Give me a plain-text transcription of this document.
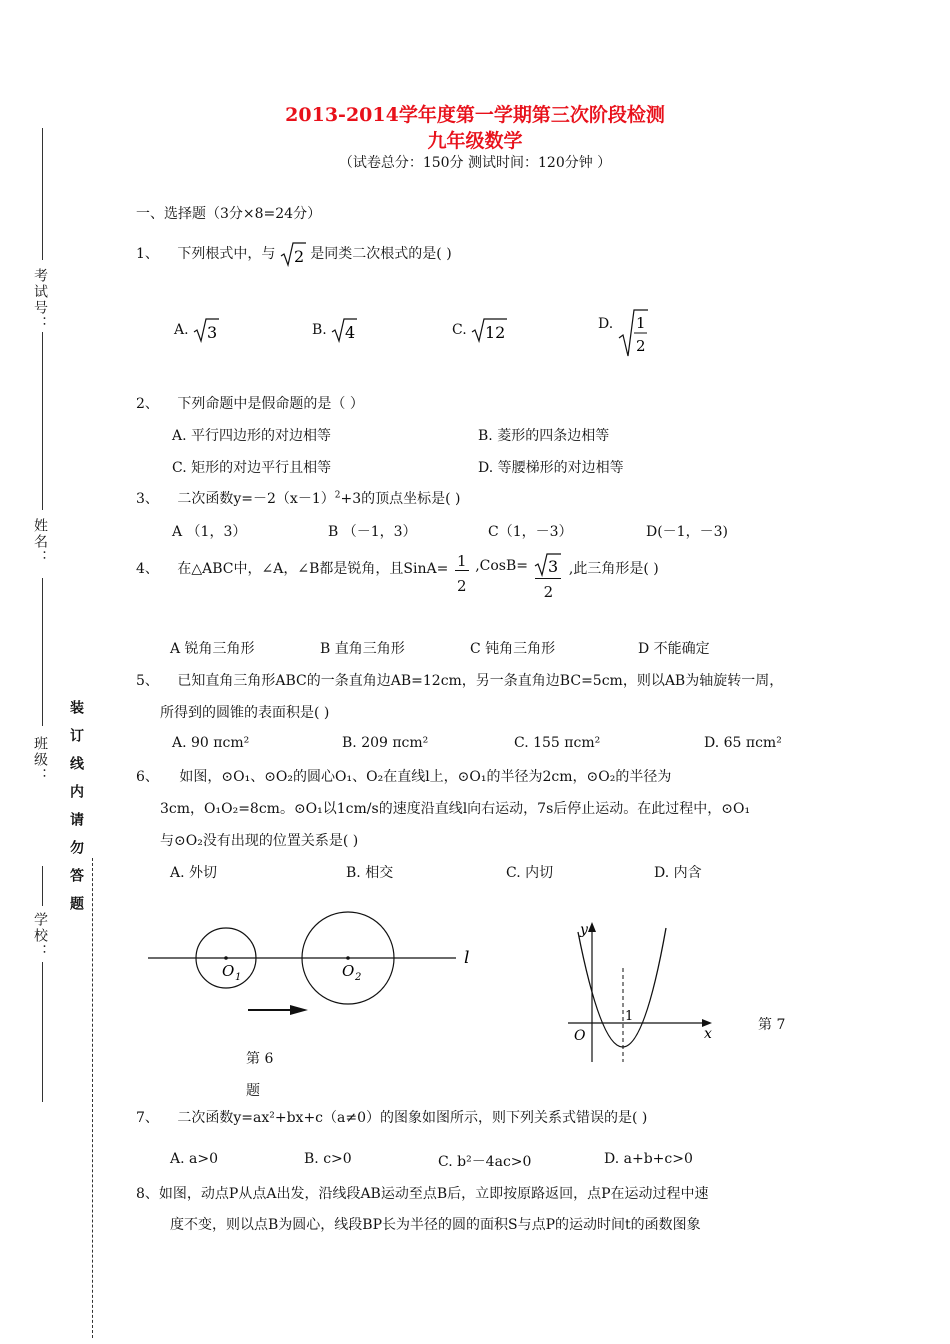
2013-2014学年度第一学期第三次阶段检测
九年级数学
（试卷总分：150分 测试时间：120分钟 ）
考试号：
姓名：
班级：
学校：
装订线内请勿答题
一、选择题（3分×8=24分）
1、 下列根式中，与 2 是同类二次根式的是( )
A. 3	B. 4	C. 12	D. 1
2
2、 下列命题中是假命题的是（ ）
A. 平行四边形的对边相等	B. 菱形的四条边相等
C. 矩形的对边平行且相等	D. 等腰梯形的对边相等
3、 二次函数$y=-2(x-1)^2+3$的顶点坐标是( )
A （1，3）	B （－1，3）	C（1，－3）	D(－1，－3)
4、 在△ABC中，∠A，∠B都是锐角，且SinA= $\frac{1}{2}$ ,CosB= $\frac{3}{2}$ ,此三角形是( )
A 锐角三角形	B 直角三角形	C 钝角三角形	D 不能确定
5、 已知直角三角形ABC的一条直角边AB=12cm，另一条直角边BC=5cm，则以AB为轴旋转一周，
所得到的圆锥的表面积是( )
A. 90 πcm²	B. 209 πcm²	C. 155 πcm²	D. 65 πcm²
6、 如图，⊙O₁、⊙O₂的圆心O₁、O₂在直线l上，⊙O₁的半径为2cm，⊙O₂的半径为
3cm，O₁O₂=8cm。⊙O₁以1cm/s的速度沿直线l向右运动，7s后停止运动。在此过程中，⊙O₁
与⊙O₂没有出现的位置关系是( )
A. 外切	B. 相交	C. 内切	D. 内含
O 1	O 2
l
第 6
题
y
x
O
1
第 7
7、 二次函数y=ax²+bx+c（a≠0）的图象如图所示，则下列关系式错误的是( )
A. a>0	B. c>0	C. b²－4ac>0	D. a+b+c>0
8、如图，动点P从点A出发，沿线段AB运动至点B后，立即按原路返回，点P在运动过程中速
度不变，则以点B为圆心，线段BP长为半径的圆的面积S与点P的运动时间t的函数图象
